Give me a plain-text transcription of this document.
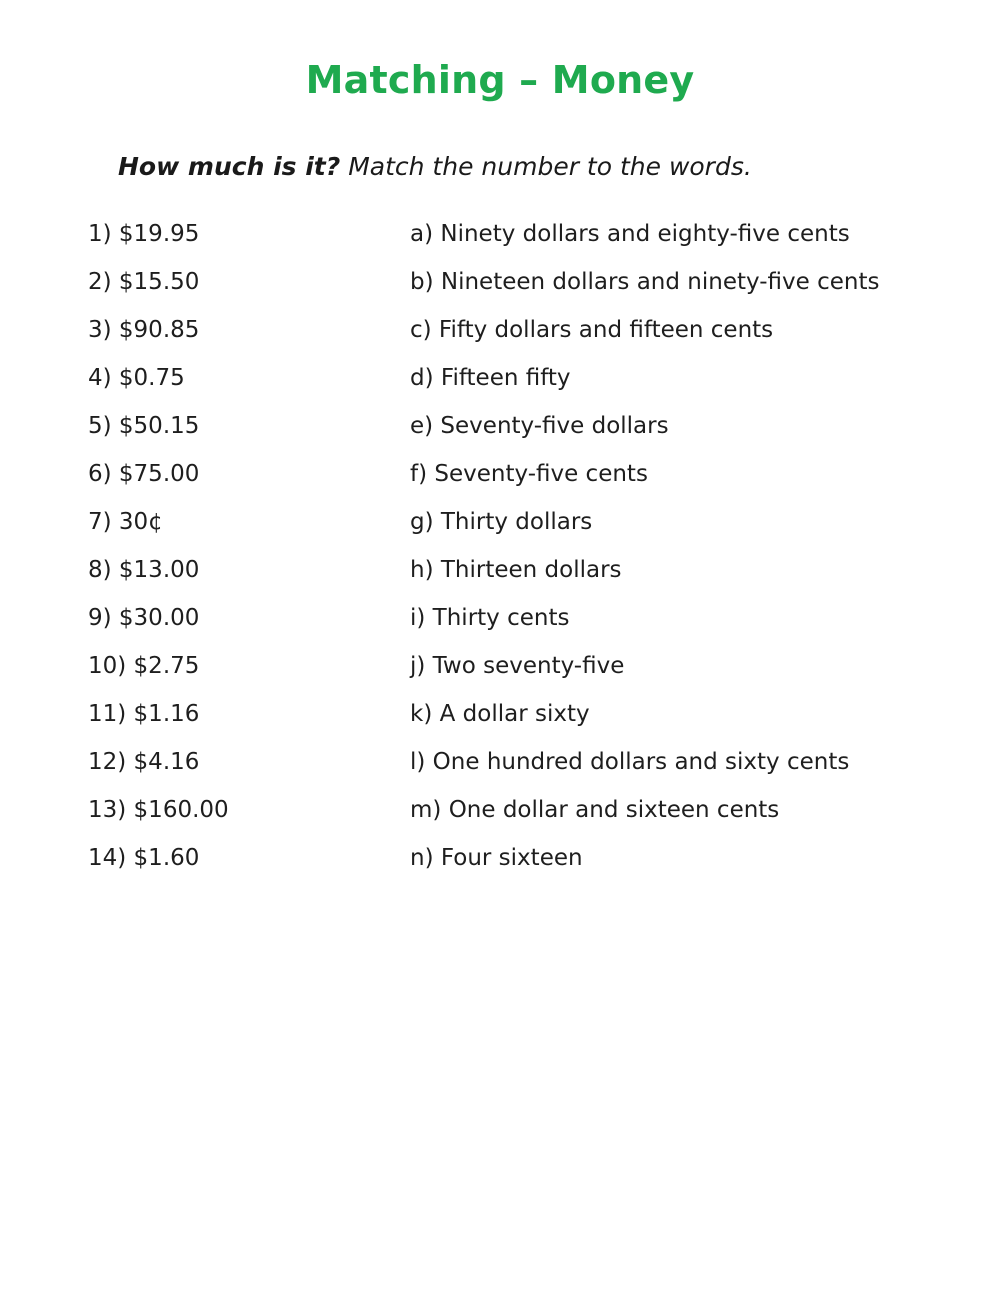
Matching – Money
How much is it? Match the number to the words.
1) $19.95
2) $15.50
3) $90.85
4) $0.75
5) $50.15
6) $75.00
7) 30¢
8) $13.00
9) $30.00
10) $2.75
11) $1.16
12) $4.16
13) $160.00
14) $1.60
a) Ninety dollars and eighty-five cents
b) Nineteen dollars and ninety-five cents
c) Fifty dollars and fifteen cents
d) Fifteen fifty
e) Seventy-five dollars
f) Seventy-five cents
g) Thirty dollars
h) Thirteen dollars
i) Thirty cents
j) Two seventy-five
k) A dollar sixty
l) One hundred dollars and sixty cents
m) One dollar and sixteen cents
n) Four sixteen
